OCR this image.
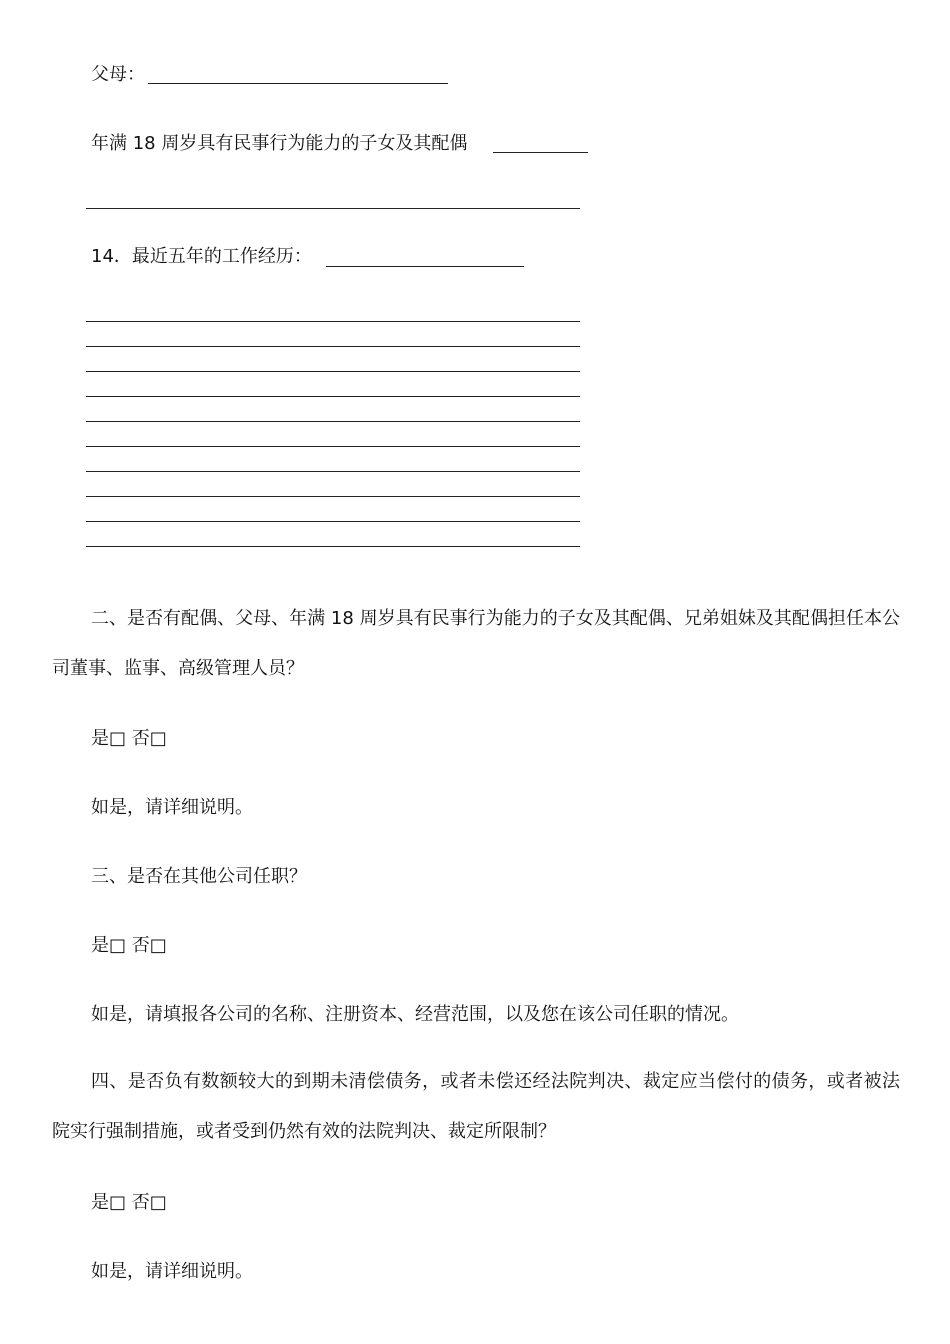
父母：
年满 18 周岁具有民事行为能力的子女及其配偶
14．最近五年的工作经历：
二、是否有配偶、父母、年满 18 周岁具有民事行为能力的子女及其配偶、兄弟姐妹及其配偶担任本公司董事、监事、高级管理人员？
是□ 否□
如是，请详细说明。
三、是否在其他公司任职？
是□ 否□
如是，请填报各公司的名称、注册资本、经营范围，以及您在该公司任职的情况。
四、是否负有数额较大的到期未清偿债务，或者未偿还经法院判决、裁定应当偿付的债务，或者被法院实行强制措施，或者受到仍然有效的法院判决、裁定所限制？
是□ 否□
如是，请详细说明。
